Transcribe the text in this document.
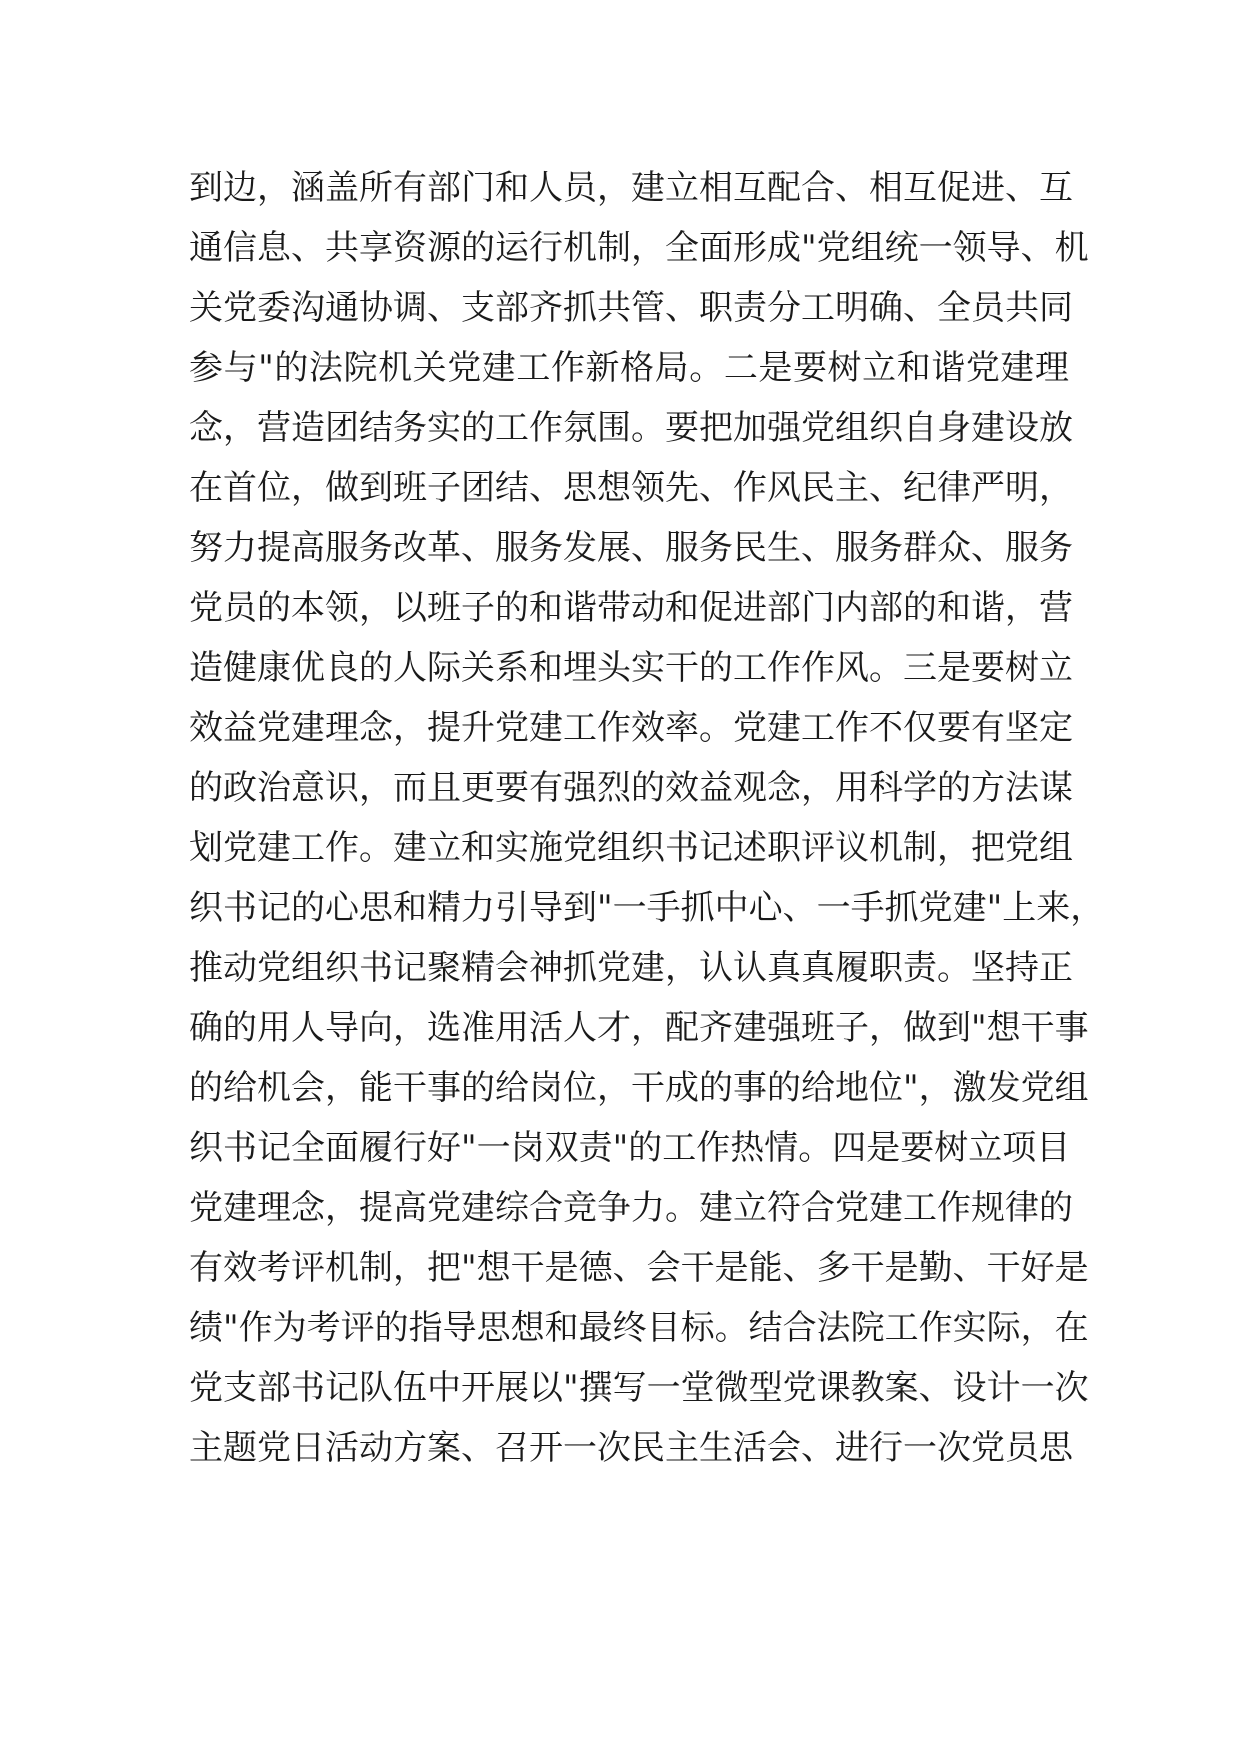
到边，涵盖所有部门和人员，建立相互配合、相互促进、互
通信息、共享资源的运行机制，全面形成"党组统一领导、机
关党委沟通协调、支部齐抓共管、职责分工明确、全员共同
参与"的法院机关党建工作新格局。二是要树立和谐党建理
念，营造团结务实的工作氛围。要把加强党组织自身建设放
在首位，做到班子团结、思想领先、作风民主、纪律严明，
努力提高服务改革、服务发展、服务民生、服务群众、服务
党员的本领，以班子的和谐带动和促进部门内部的和谐，营
造健康优良的人际关系和埋头实干的工作作风。三是要树立
效益党建理念，提升党建工作效率。党建工作不仅要有坚定
的政治意识，而且更要有强烈的效益观念，用科学的方法谋
划党建工作。建立和实施党组织书记述职评议机制，把党组
织书记的心思和精力引导到"一手抓中心、一手抓党建"上来，
推动党组织书记聚精会神抓党建，认认真真履职责。坚持正
确的用人导向，选准用活人才，配齐建强班子，做到"想干事
的给机会，能干事的给岗位，干成的事的给地位"，激发党组
织书记全面履行好"一岗双责"的工作热情。四是要树立项目
党建理念，提高党建综合竞争力。建立符合党建工作规律的
有效考评机制，把"想干是德、会干是能、多干是勤、干好是
绩"作为考评的指导思想和最终目标。结合法院工作实际，在
党支部书记队伍中开展以"撰写一堂微型党课教案、设计一次
主题党日活动方案、召开一次民主生活会、进行一次党员思
